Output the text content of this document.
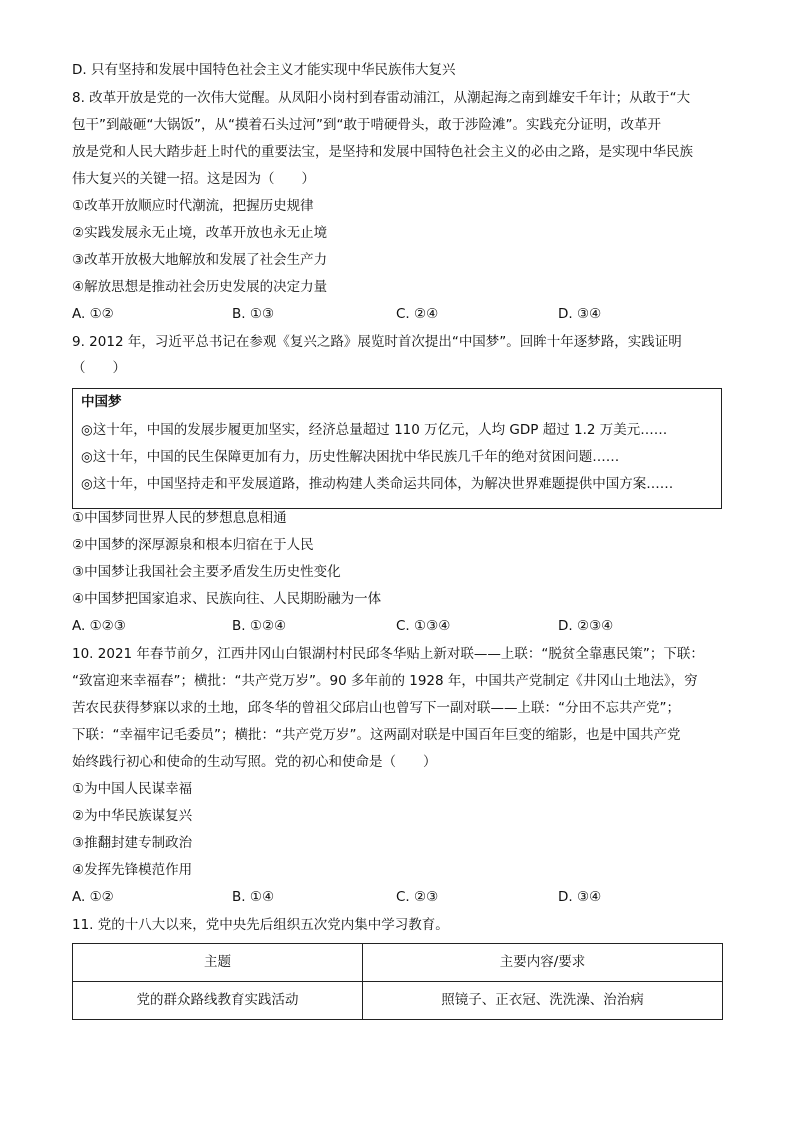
D. 只有坚持和发展中国特色社会主义才能实现中华民族伟大复兴
8. 改革开放是党的一次伟大觉醒。从凤阳小岗村到春雷动浦江，从潮起海之南到雄安千年计；从敢于“大
包干”到敲砸“大锅饭”，从“摸着石头过河”到“敢于啃硬骨头，敢于涉险滩”。实践充分证明，改革开
放是党和人民大踏步赶上时代的重要法宝，是坚持和发展中国特色社会主义的必由之路，是实现中华民族
伟大复兴的关键一招。这是因为（　　）
①改革开放顺应时代潮流，把握历史规律
②实践发展永无止境，改革开放也永无止境
③改革开放极大地解放和发展了社会生产力
④解放思想是推动社会历史发展的决定力量
A. ①②	B. ①③	C. ②④	D. ③④
9. 2012 年，习近平总书记在参观《复兴之路》展览时首次提出“中国梦”。回眸十年逐梦路，实践证明
（　　）
中国梦
◎这十年，中国的发展步履更加坚实，经济总量超过 110 万亿元，人均 GDP 超过 1.2 万美元……
◎这十年，中国的民生保障更加有力，历史性解决困扰中华民族几千年的绝对贫困问题……
◎这十年，中国坚持走和平发展道路，推动构建人类命运共同体，为解决世界难题提供中国方案……
①中国梦同世界人民的梦想息息相通
②中国梦的深厚源泉和根本归宿在于人民
③中国梦让我国社会主要矛盾发生历史性变化
④中国梦把国家追求、民族向往、人民期盼融为一体
A. ①②③	B. ①②④	C. ①③④	D. ②③④
10. 2021 年春节前夕，江西井冈山白银湖村村民邱冬华贴上新对联——上联：“脱贫全靠惠民策”；下联：
“致富迎来幸福春”；横批：“共产党万岁”。90 多年前的 1928 年，中国共产党制定《井冈山土地法》，穷
苦农民获得梦寐以求的土地，邱冬华的曾祖父邱启山也曾写下一副对联——上联：“分田不忘共产党”；
下联：“幸福牢记毛委员”；横批：“共产党万岁”。这两副对联是中国百年巨变的缩影，也是中国共产党
始终践行初心和使命的生动写照。党的初心和使命是（　　）
①为中国人民谋幸福
②为中华民族谋复兴
③推翻封建专制政治
④发挥先锋模范作用
A. ①②	B. ①④	C. ②③	D. ③④
11. 党的十八大以来，党中央先后组织五次党内集中学习教育。
主题	主要内容/要求
党的群众路线教育实践活动	照镜子、正衣冠、洗洗澡、治治病
